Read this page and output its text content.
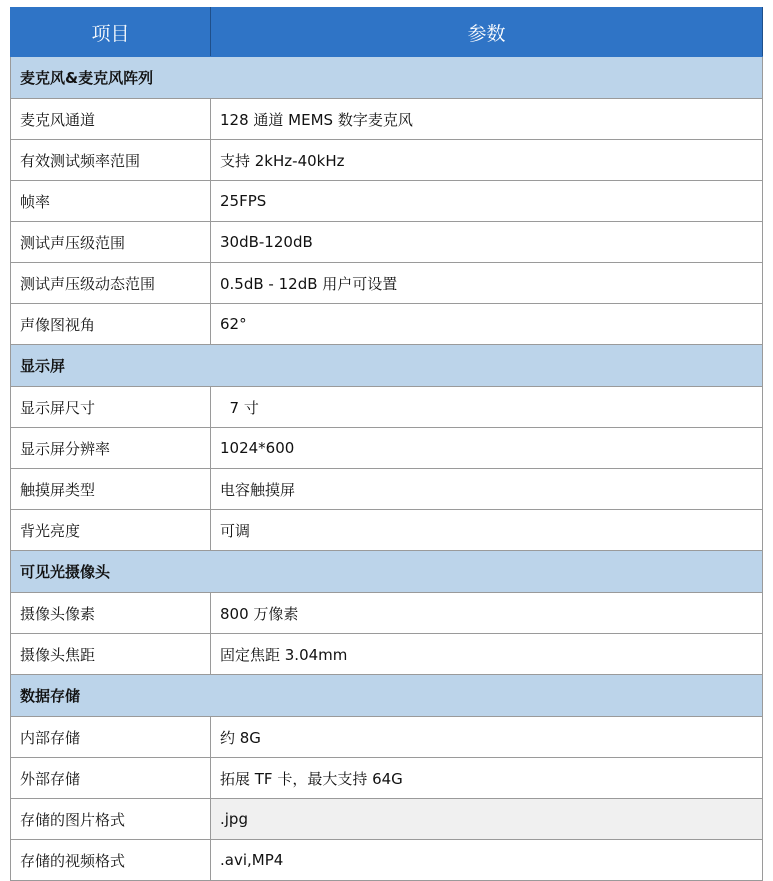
项目	参数
麦克风&麦克风阵列	
麦克风通道	128 通道 MEMS 数字麦克风
有效测试频率范围	支持 2kHz-40kHz
帧率	25FPS
测试声压级范围	30dB-120dB
测试声压级动态范围	0.5dB - 12dB 用户可设置
声像图视角	62°
显示屏	
显示屏尺寸	7 寸
显示屏分辨率	1024*600
触摸屏类型	电容触摸屏
背光亮度	可调
可见光摄像头	
摄像头像素	800 万像素
摄像头焦距	固定焦距 3.04mm
数据存储	
内部存储	约 8G
外部存储	拓展 TF 卡，最大支持 64G
存储的图片格式	.jpg
存储的视频格式	.avi,MP4
